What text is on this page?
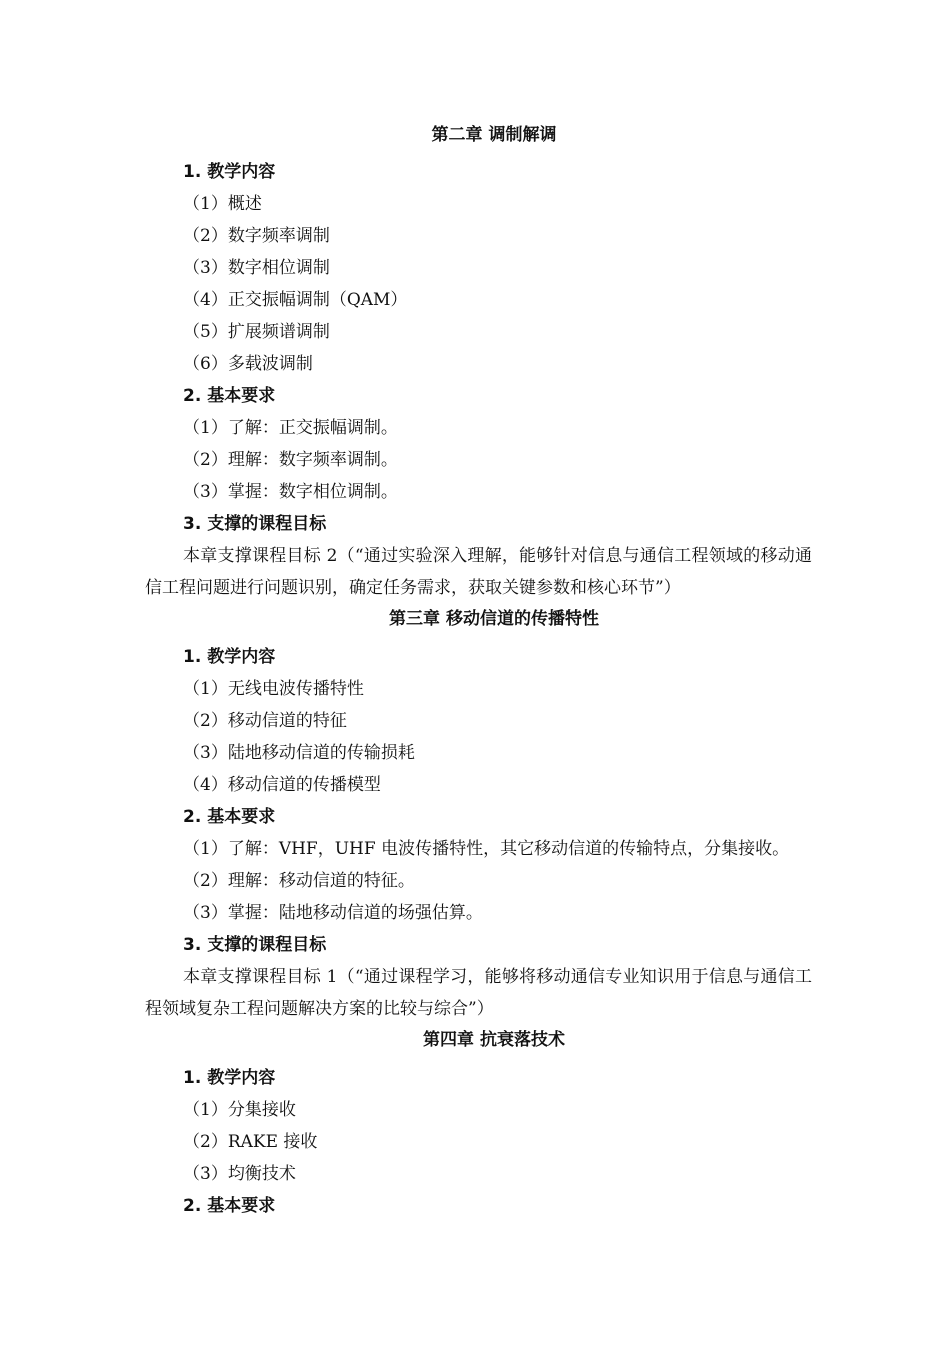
第二章 调制解调
1. 教学内容
（1）概述
（2）数字频率调制
（3）数字相位调制
（4）正交振幅调制（QAM）
（5）扩展频谱调制
（6）多载波调制
2. 基本要求
（1）了解：正交振幅调制。
（2）理解：数字频率调制。
（3）掌握：数字相位调制。
3. 支撑的课程目标
本章支撑课程目标 2（“通过实验深入理解，能够针对信息与通信工程领域的移动通信工程问题进行问题识别，确定任务需求，获取关键参数和核心环节”）
第三章 移动信道的传播特性
1. 教学内容
（1）无线电波传播特性
（2）移动信道的特征
（3）陆地移动信道的传输损耗
（4）移动信道的传播模型
2. 基本要求
（1）了解：VHF，UHF 电波传播特性，其它移动信道的传输特点，分集接收。
（2）理解：移动信道的特征。
（3）掌握：陆地移动信道的场强估算。
3. 支撑的课程目标
本章支撑课程目标 1（“通过课程学习，能够将移动通信专业知识用于信息与通信工程领域复杂工程问题解决方案的比较与综合”）
第四章 抗衰落技术
1. 教学内容
（1）分集接收
（2）RAKE 接收
（3）均衡技术
2. 基本要求
